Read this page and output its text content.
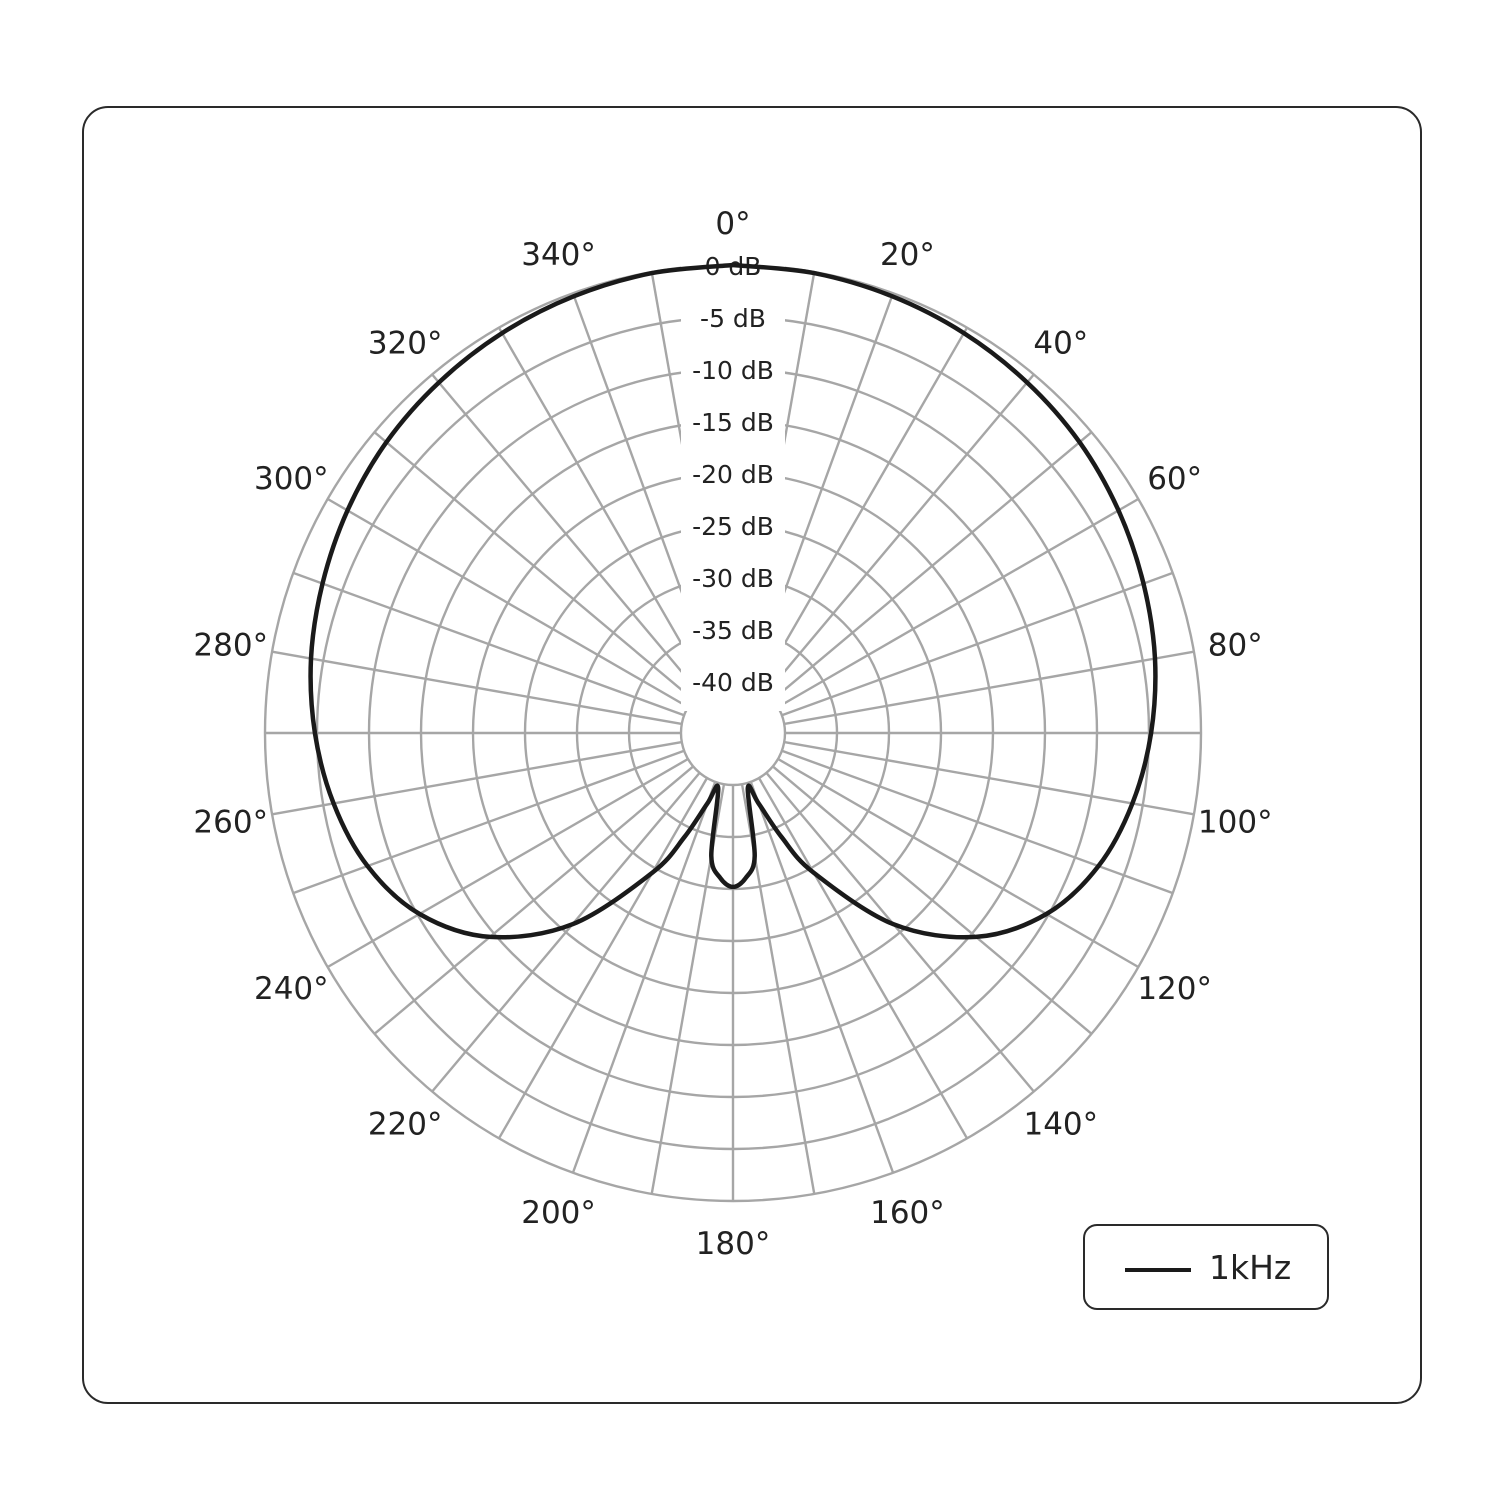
0 dB
-5 dB
-10 dB
-15 dB
-20 dB
-25 dB
-30 dB
-35 dB
-40 dB
0°
20°
40°
60°
80°
100°
120°
140°
160°
180°
200°
220°
240°
260°
280°
300°
320°
340°
1kHz
